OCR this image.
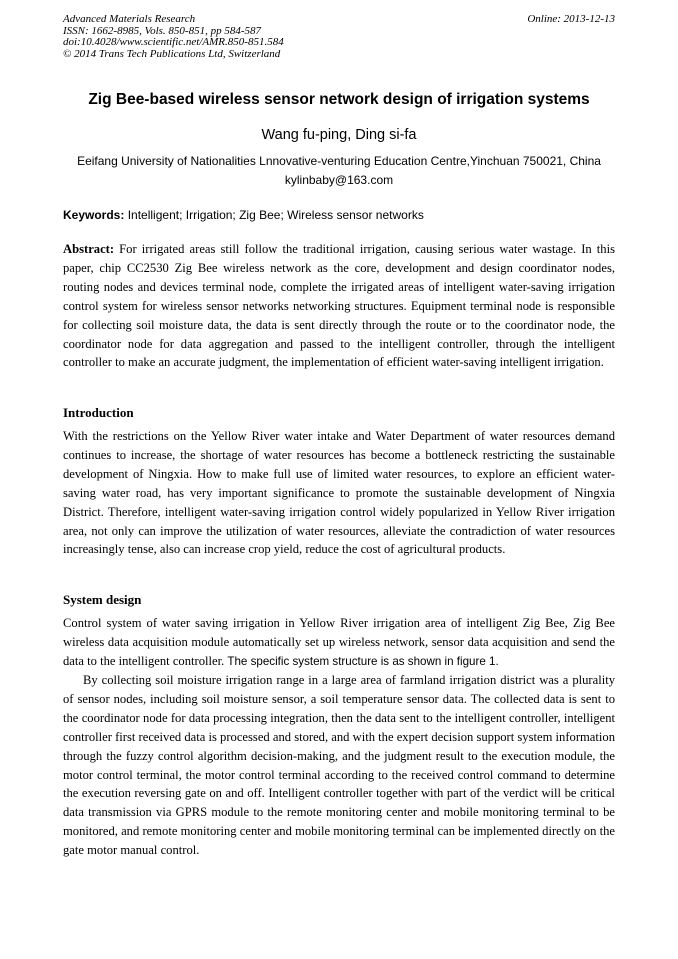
Advanced Materials Research
ISSN: 1662-8985, Vols. 850-851, pp 584-587
doi:10.4028/www.scientific.net/AMR.850-851.584
© 2014 Trans Tech Publications Ltd, Switzerland
Online: 2013-12-13
Zig Bee-based wireless sensor network design of irrigation systems
Wang fu-ping, Ding si-fa
Eeifang University of Nationalities Lnnovative-venturing Education Centre,Yinchuan 750021, China
kylinbaby@163.com
Keywords: Intelligent; Irrigation; Zig Bee; Wireless sensor networks
Abstract: For irrigated areas still follow the traditional irrigation, causing serious water wastage. In this paper, chip CC2530 Zig Bee wireless network as the core, development and design coordinator nodes, routing nodes and devices terminal node, complete the irrigated areas of intelligent water-saving irrigation control system for wireless sensor networks networking structures. Equipment terminal node is responsible for collecting soil moisture data, the data is sent directly through the route or to the coordinator node, the coordinator node for data aggregation and passed to the intelligent controller, through the intelligent controller to make an accurate judgment, the implementation of efficient water-saving intelligent irrigation.
Introduction
With the restrictions on the Yellow River water intake and Water Department of water resources demand continues to increase, the shortage of water resources has become a bottleneck restricting the sustainable development of Ningxia. How to make full use of limited water resources, to explore an efficient water-saving water road, has very important significance to promote the sustainable development of Ningxia District. Therefore, intelligent water-saving irrigation control widely popularized in Yellow River irrigation area, not only can improve the utilization of water resources, alleviate the contradiction of water resources increasingly tense, also can increase crop yield, reduce the cost of agricultural products.
System design
Control system of water saving irrigation in Yellow River irrigation area of intelligent Zig Bee, Zig Bee wireless data acquisition module automatically set up wireless network, sensor data acquisition and send the data to the intelligent controller. The specific system structure is as shown in figure 1.
By collecting soil moisture irrigation range in a large area of farmland irrigation district was a plurality of sensor nodes, including soil moisture sensor, a soil temperature sensor data. The collected data is sent to the coordinator node for data processing integration, then the data sent to the intelligent controller, intelligent controller first received data is processed and stored, and with the expert decision support system information through the fuzzy control algorithm decision-making, and the judgment result to the execution module, the motor control terminal, the motor control terminal according to the received control command to determine the execution reversing gate on and off. Intelligent controller together with part of the verdict will be critical data transmission via GPRS module to the remote monitoring center and mobile monitoring terminal to be monitored, and remote monitoring center and mobile monitoring terminal can be implemented directly on the gate motor manual control.
